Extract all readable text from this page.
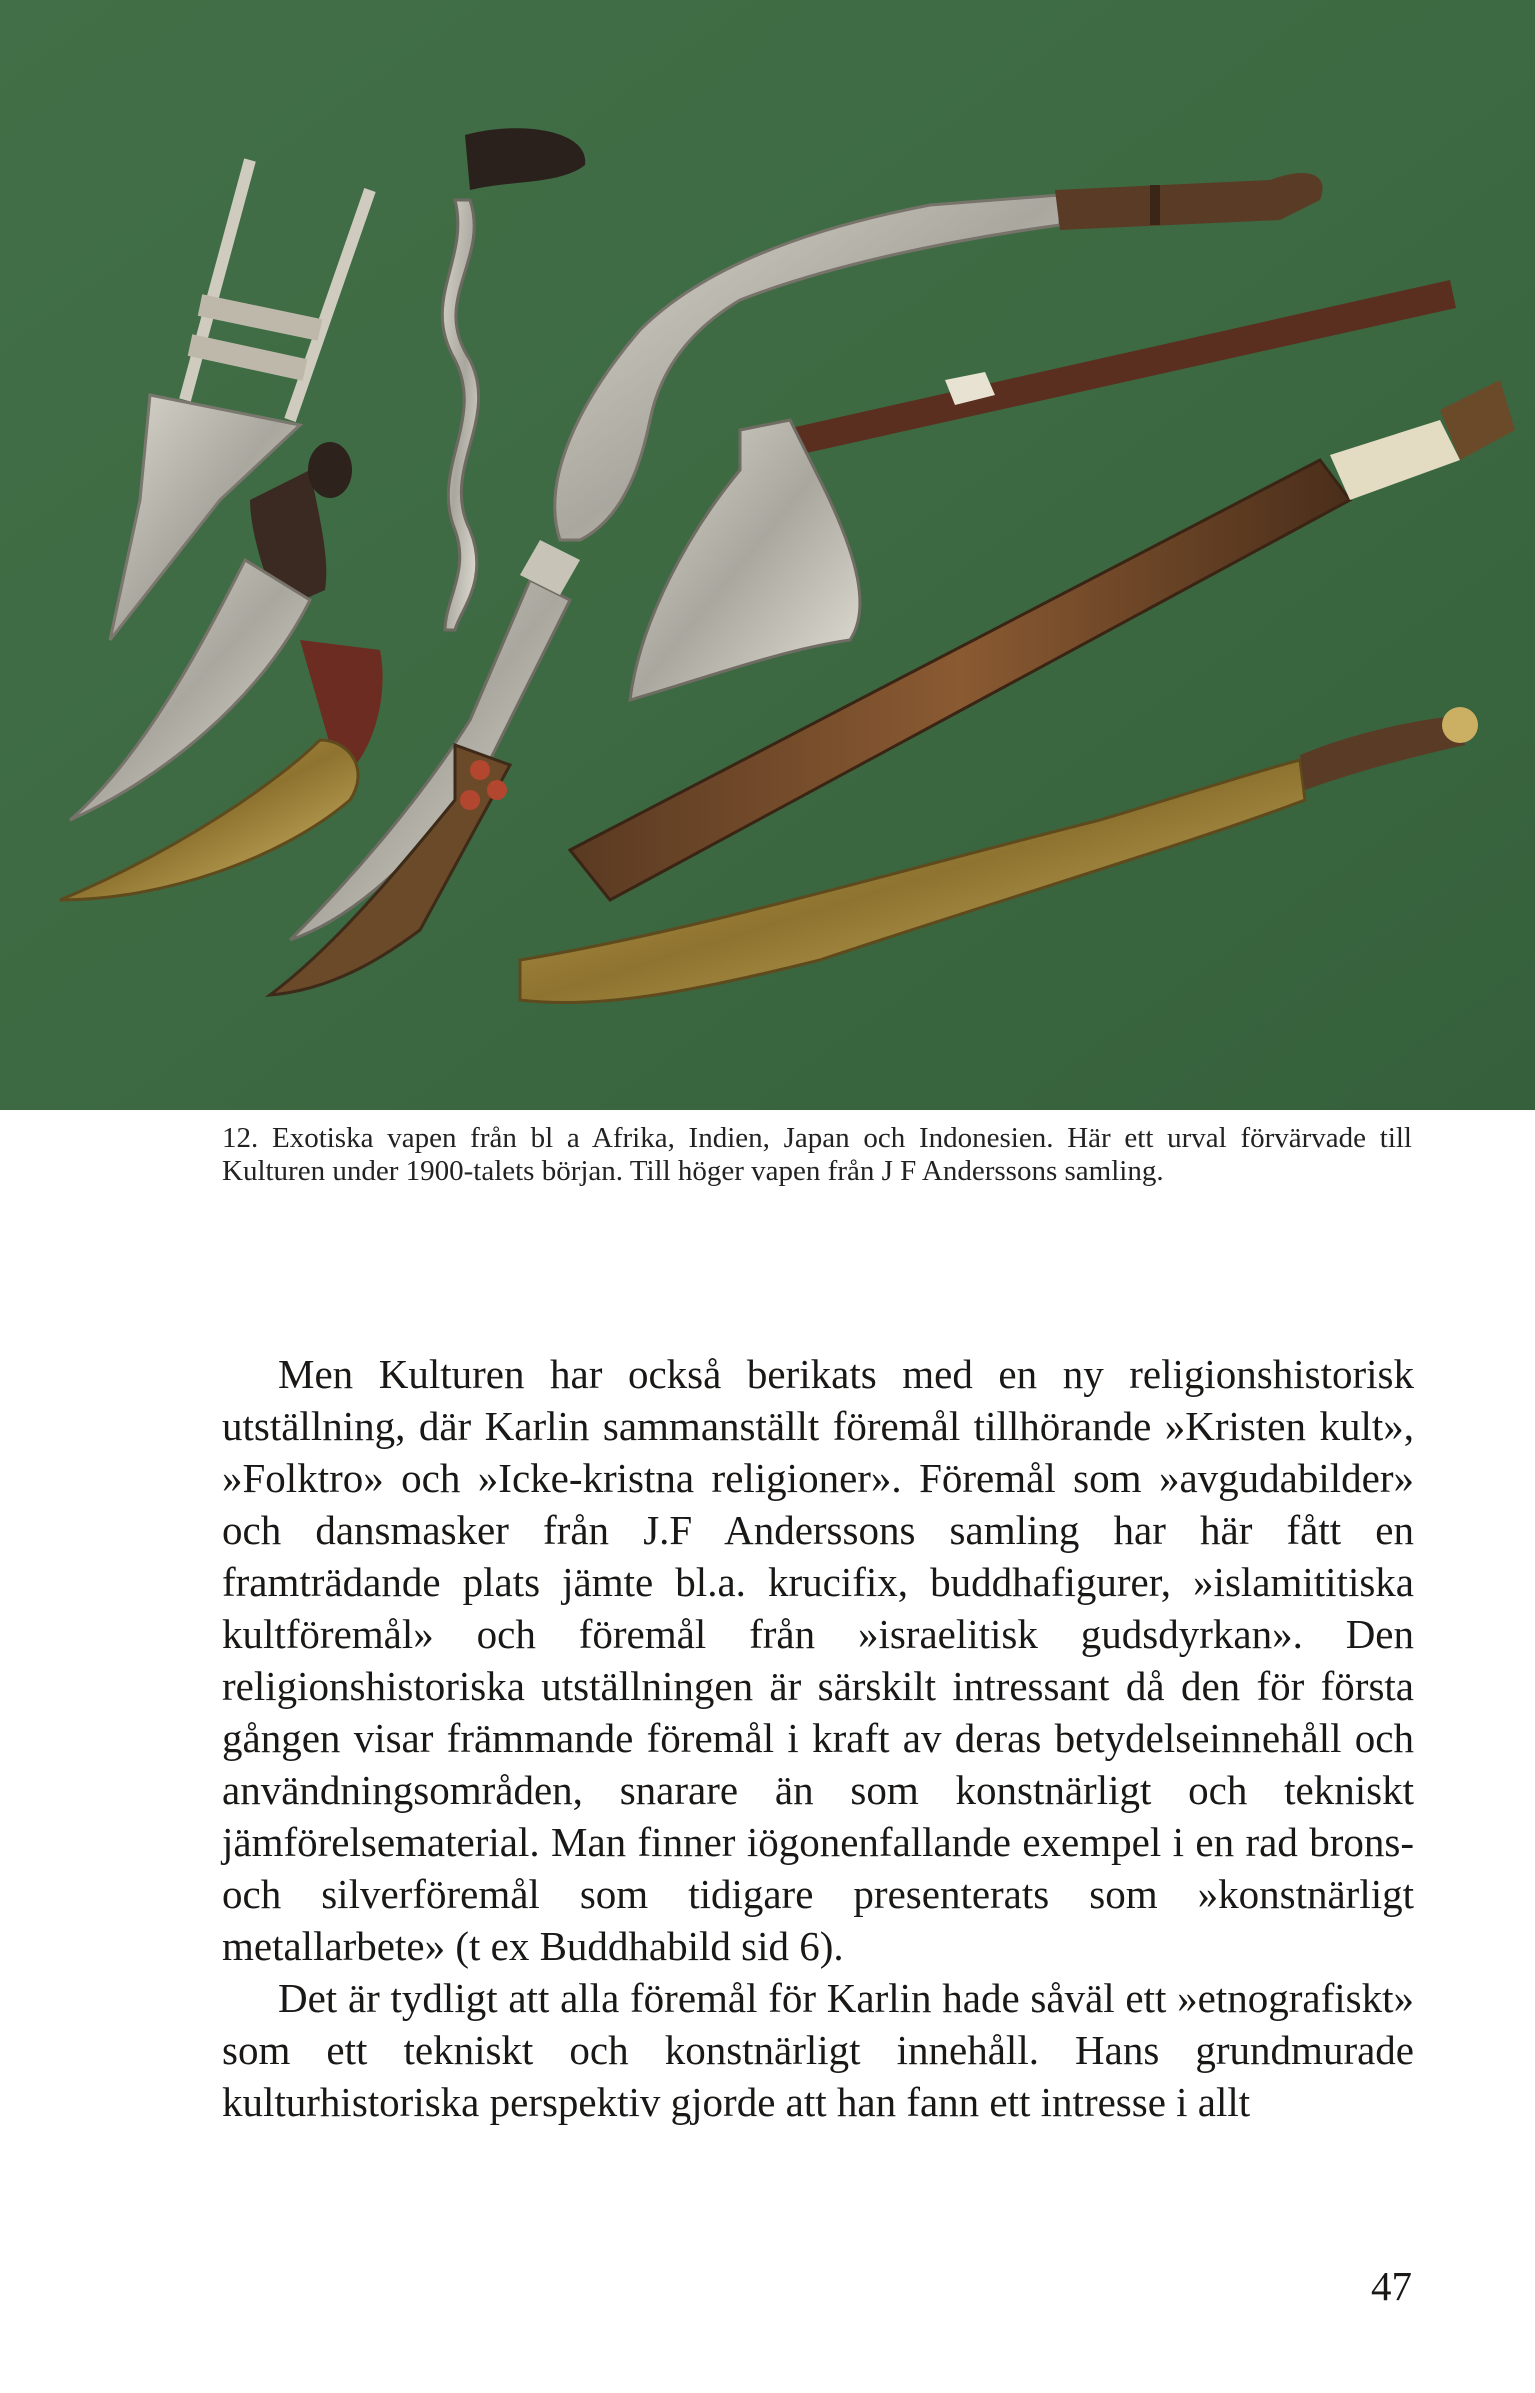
12. Exotiska vapen från bl a Afrika, Indien, Japan och Indonesien. Här ett urval förvärvade till Kulturen under 1900-talets början. Till höger vapen från J F Anderssons samling.

Men Kulturen har också berikats med en ny religionshistorisk utställning, där Karlin sammanställt föremål tillhörande »Kristen kult», »Folktro» och »Icke-kristna religioner». Föremål som »avgudabilder» och dansmasker från J.F Anderssons samling har här fått en framträdande plats jämte bl.a. krucifix, buddhafigurer, »islamititiska kultföremål» och föremål från »israelitisk gudsdyrkan». Den religionshistoriska utställningen är särskilt intressant då den för första gången visar främmande föremål i kraft av deras betydelseinnehåll och användningsområden, snarare än som konstnärligt och tekniskt jämförelsematerial. Man finner iögonenfallande exempel i en rad brons- och silverföremål som tidigare presenterats som »konstnärligt metallarbete» (t ex Buddhabild sid 6).

Det är tydligt att alla föremål för Karlin hade såväl ett »etnografiskt» som ett tekniskt och konstnärligt innehåll. Hans grundmurade kulturhistoriska perspektiv gjorde att han fann ett intresse i allt

47
